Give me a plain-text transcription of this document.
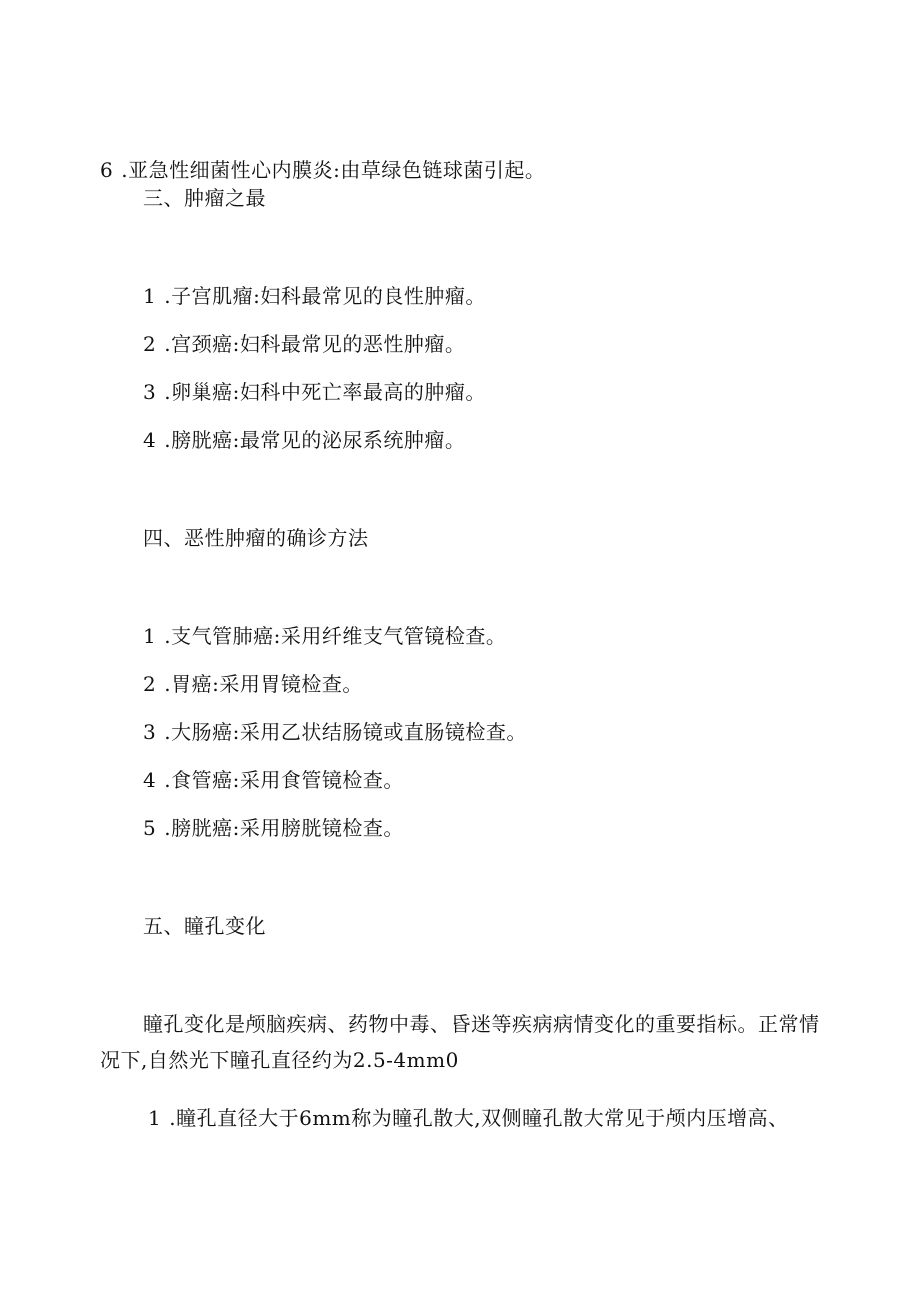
6 .亚急性细菌性心内膜炎:由草绿色链球菌引起。
三、肿瘤之最
1 .子宫肌瘤:妇科最常见的良性肿瘤。
2 .宫颈癌:妇科最常见的恶性肿瘤。
3 .卵巢癌:妇科中死亡率最高的肿瘤。
4 .膀胱癌:最常见的泌尿系统肿瘤。
四、恶性肿瘤的确诊方法
1 .支气管肺癌:采用纤维支气管镜检查。
2 .胃癌:采用胃镜检查。
3 .大肠癌:采用乙状结肠镜或直肠镜检查。
4 .食管癌:采用食管镜检查。
5 .膀胱癌:采用膀胱镜检查。
五、瞳孔变化
瞳孔变化是颅脑疾病、药物中毒、昏迷等疾病病情变化的重要指标。正常情况下,自然光下瞳孔直径约为2.5-4mm0
1 .瞳孔直径大于6mm称为瞳孔散大,双侧瞳孔散大常见于颅内压增高、
